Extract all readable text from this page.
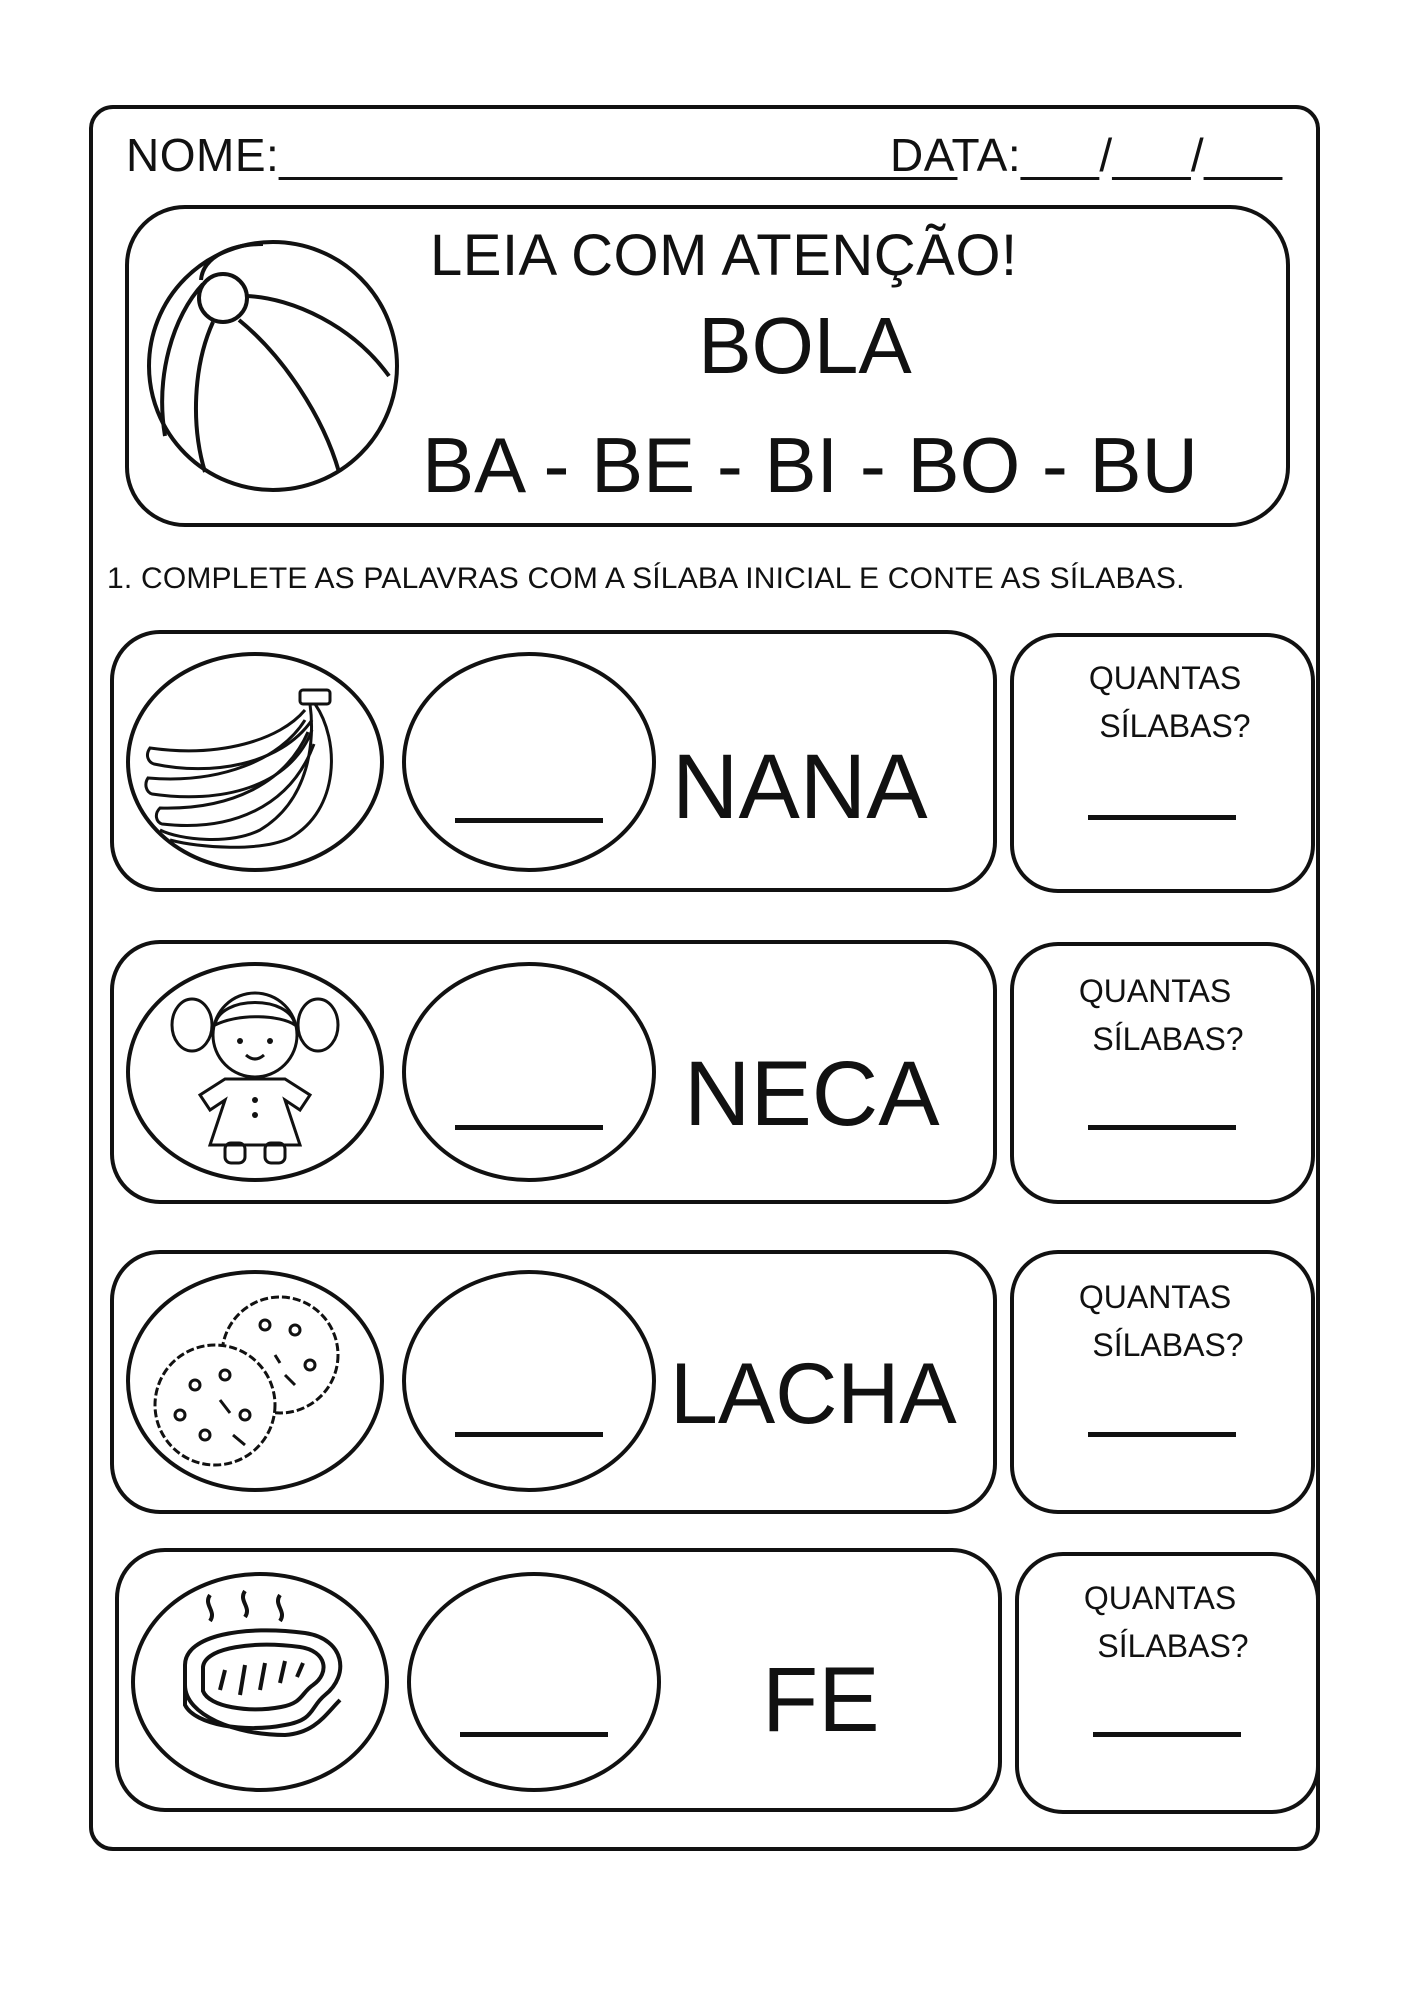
NOME:__________________________
DATA:___/___/___
LEIA COM ATENÇÃO!
BOLA
BA - BE - BI - BO - BU
1. COMPLETE AS PALAVRAS COM A SÍLABA INICIAL E CONTE AS SÍLABAS.
NANA
QUANTAS
SÍLABAS?
NECA
QUANTAS
SÍLABAS?
LACHA
QUANTAS
SÍLABAS?
FE
QUANTAS
SÍLABAS?
